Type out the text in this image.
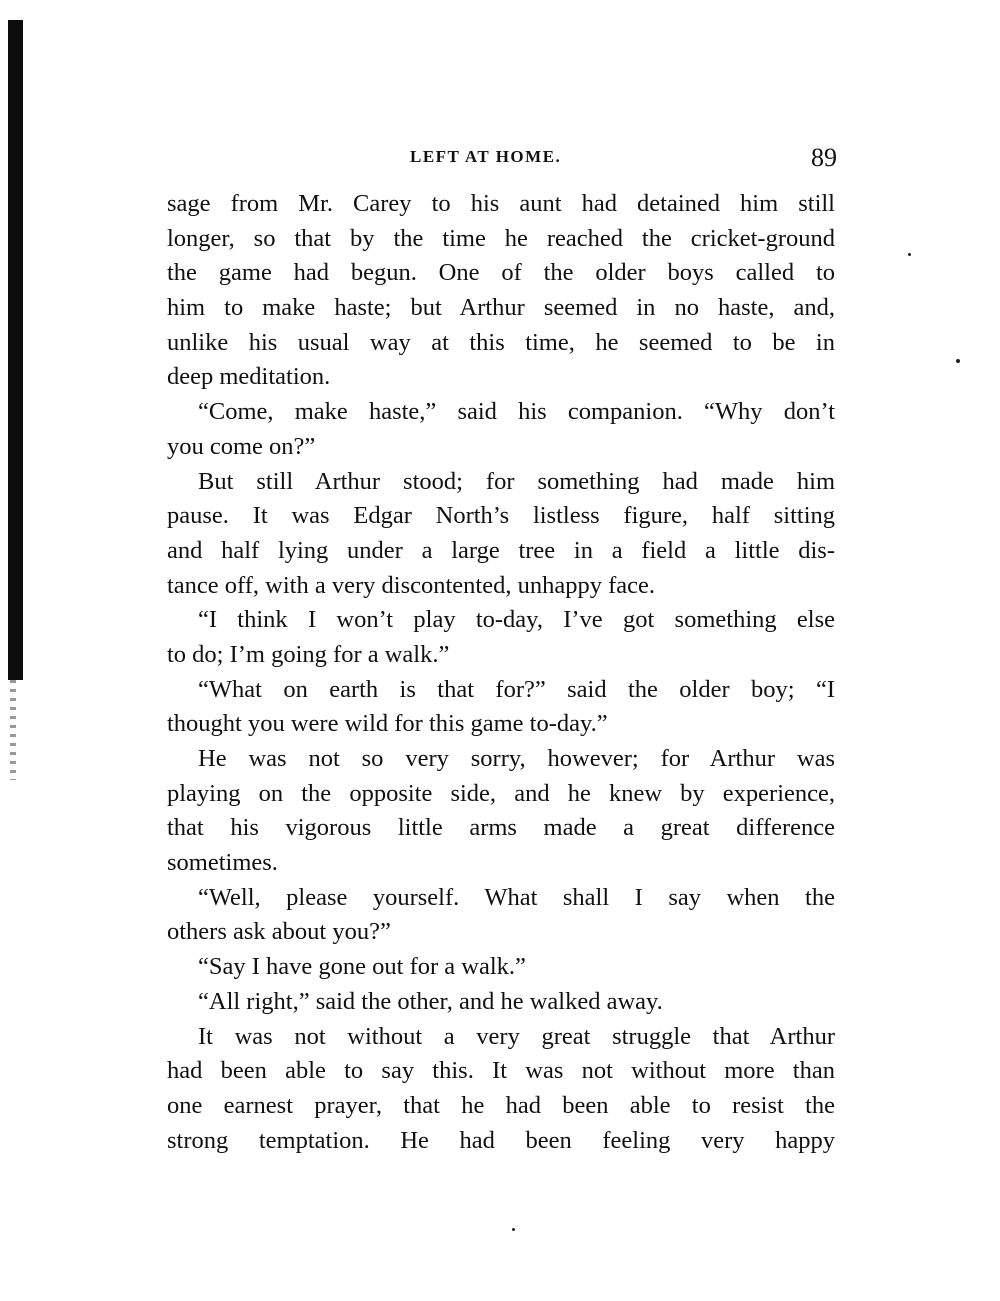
LEFT AT HOME.	89
sage from Mr. Carey to his aunt had detained him still
longer, so that by the time he reached the cricket-ground
the game had begun. One of the older boys called to
him to make haste; but Arthur seemed in no haste, and,
unlike his usual way at this time, he seemed to be in
deep meditation.
“Come, make haste,” said his companion. “Why don’t
you come on?”
But still Arthur stood; for something had made him
pause. It was Edgar North’s listless figure, half sitting
and half lying under a large tree in a field a little dis-
tance off, with a very discontented, unhappy face.
“I think I won’t play to-day, I’ve got something else
to do; I’m going for a walk.”
“What on earth is that for?” said the older boy; “I
thought you were wild for this game to-day.”
He was not so very sorry, however; for Arthur was
playing on the opposite side, and he knew by experience,
that his vigorous little arms made a great difference
sometimes.
“Well, please yourself. What shall I say when the
others ask about you?”
“Say I have gone out for a walk.”
“All right,” said the other, and he walked away.
It was not without a very great struggle that Arthur
had been able to say this. It was not without more than
one earnest prayer, that he had been able to resist the
strong temptation. He had been feeling very happy
